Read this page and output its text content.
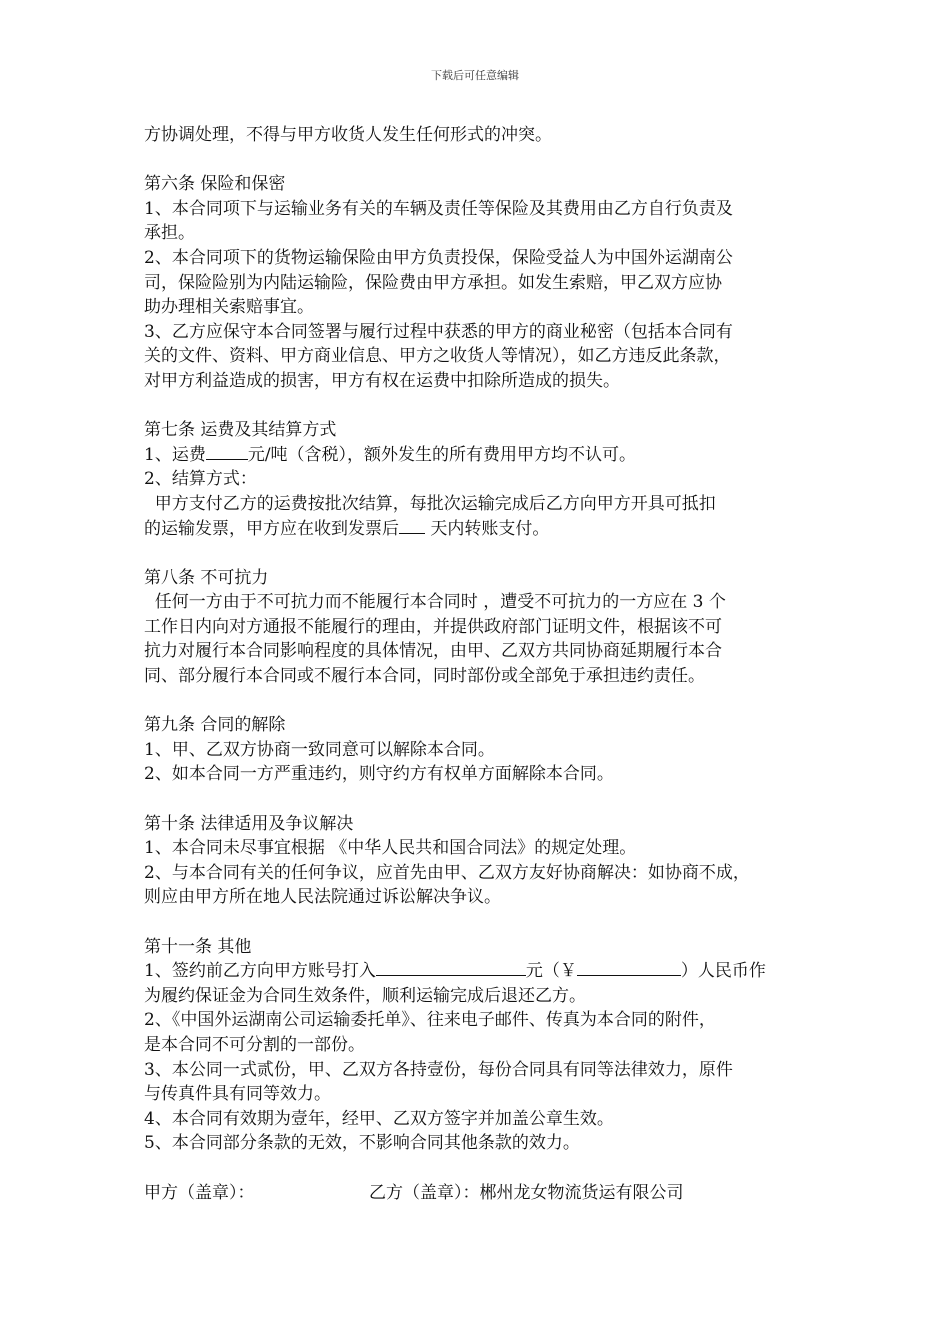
下载后可任意编辑

方协调处理，不得与甲方收货人发生任何形式的冲突。

第六条 保险和保密

1、本合同项下与运输业务有关的车辆及责任等保险及其费用由乙方自行负责及

承担。

2、本合同项下的货物运输保险由甲方负责投保，保险受益人为中国外运湖南公

司，保险险别为内陆运输险，保险费由甲方承担。如发生索赔，甲乙双方应协

助办理相关索赔事宜。

3、乙方应保守本合同签署与履行过程中获悉的甲方的商业秘密（包括本合同有

关的文件、资料、甲方商业信息、甲方之收货人等情况），如乙方违反此条款，

对甲方利益造成的损害，甲方有权在运费中扣除所造成的损失。

第七条 运费及其结算方式

1、运费 元/吨（含税），额外发生的所有费用甲方均不认可。

2、结算方式：

甲方支付乙方的运费按批次结算，每批次运输完成后乙方向甲方开具可抵扣

的运输发票，甲方应在收到发票后 天内转账支付。

第八条 不可抗力

任何一方由于不可抗力而不能履行本合同时 ，遭受不可抗力的一方应在 3 个

工作日内向对方通报不能履行的理由，并提供政府部门证明文件，根据该不可

抗力对履行本合同影响程度的具体情况，由甲、乙双方共同协商延期履行本合

同、部分履行本合同或不履行本合同，同时部份或全部免于承担违约责任。

第九条 合同的解除

1、甲、乙双方协商一致同意可以解除本合同。

2、如本合同一方严重违约，则守约方有权单方面解除本合同。

第十条 法律适用及争议解决

1、本合同未尽事宜根据 《中华人民共和国合同法》的规定处理。

2、与本合同有关的任何争议，应首先由甲、乙双方友好协商解决：如协商不成，

则应由甲方所在地人民法院通过诉讼解决争议。

第十一条 其他

1、签约前乙方向甲方账号打入	元（￥	）人民币作

为履约保证金为合同生效条件，顺利运输完成后退还乙方。

2、《中国外运湖南公司运输委托单》、往来电子邮件、传真为本合同的附件，

是本合同不可分割的一部份。

3、本公同一式贰份，甲、乙双方各持壹份，每份合同具有同等法律效力，原件

与传真件具有同等效力。

4、本合同有效期为壹年，经甲、乙双方签字并加盖公章生效。

5、本合同部分条款的无效，不影响合同其他条款的效力。

甲方（盖章）：	乙方（盖章）：郴州龙女物流货运有限公司
